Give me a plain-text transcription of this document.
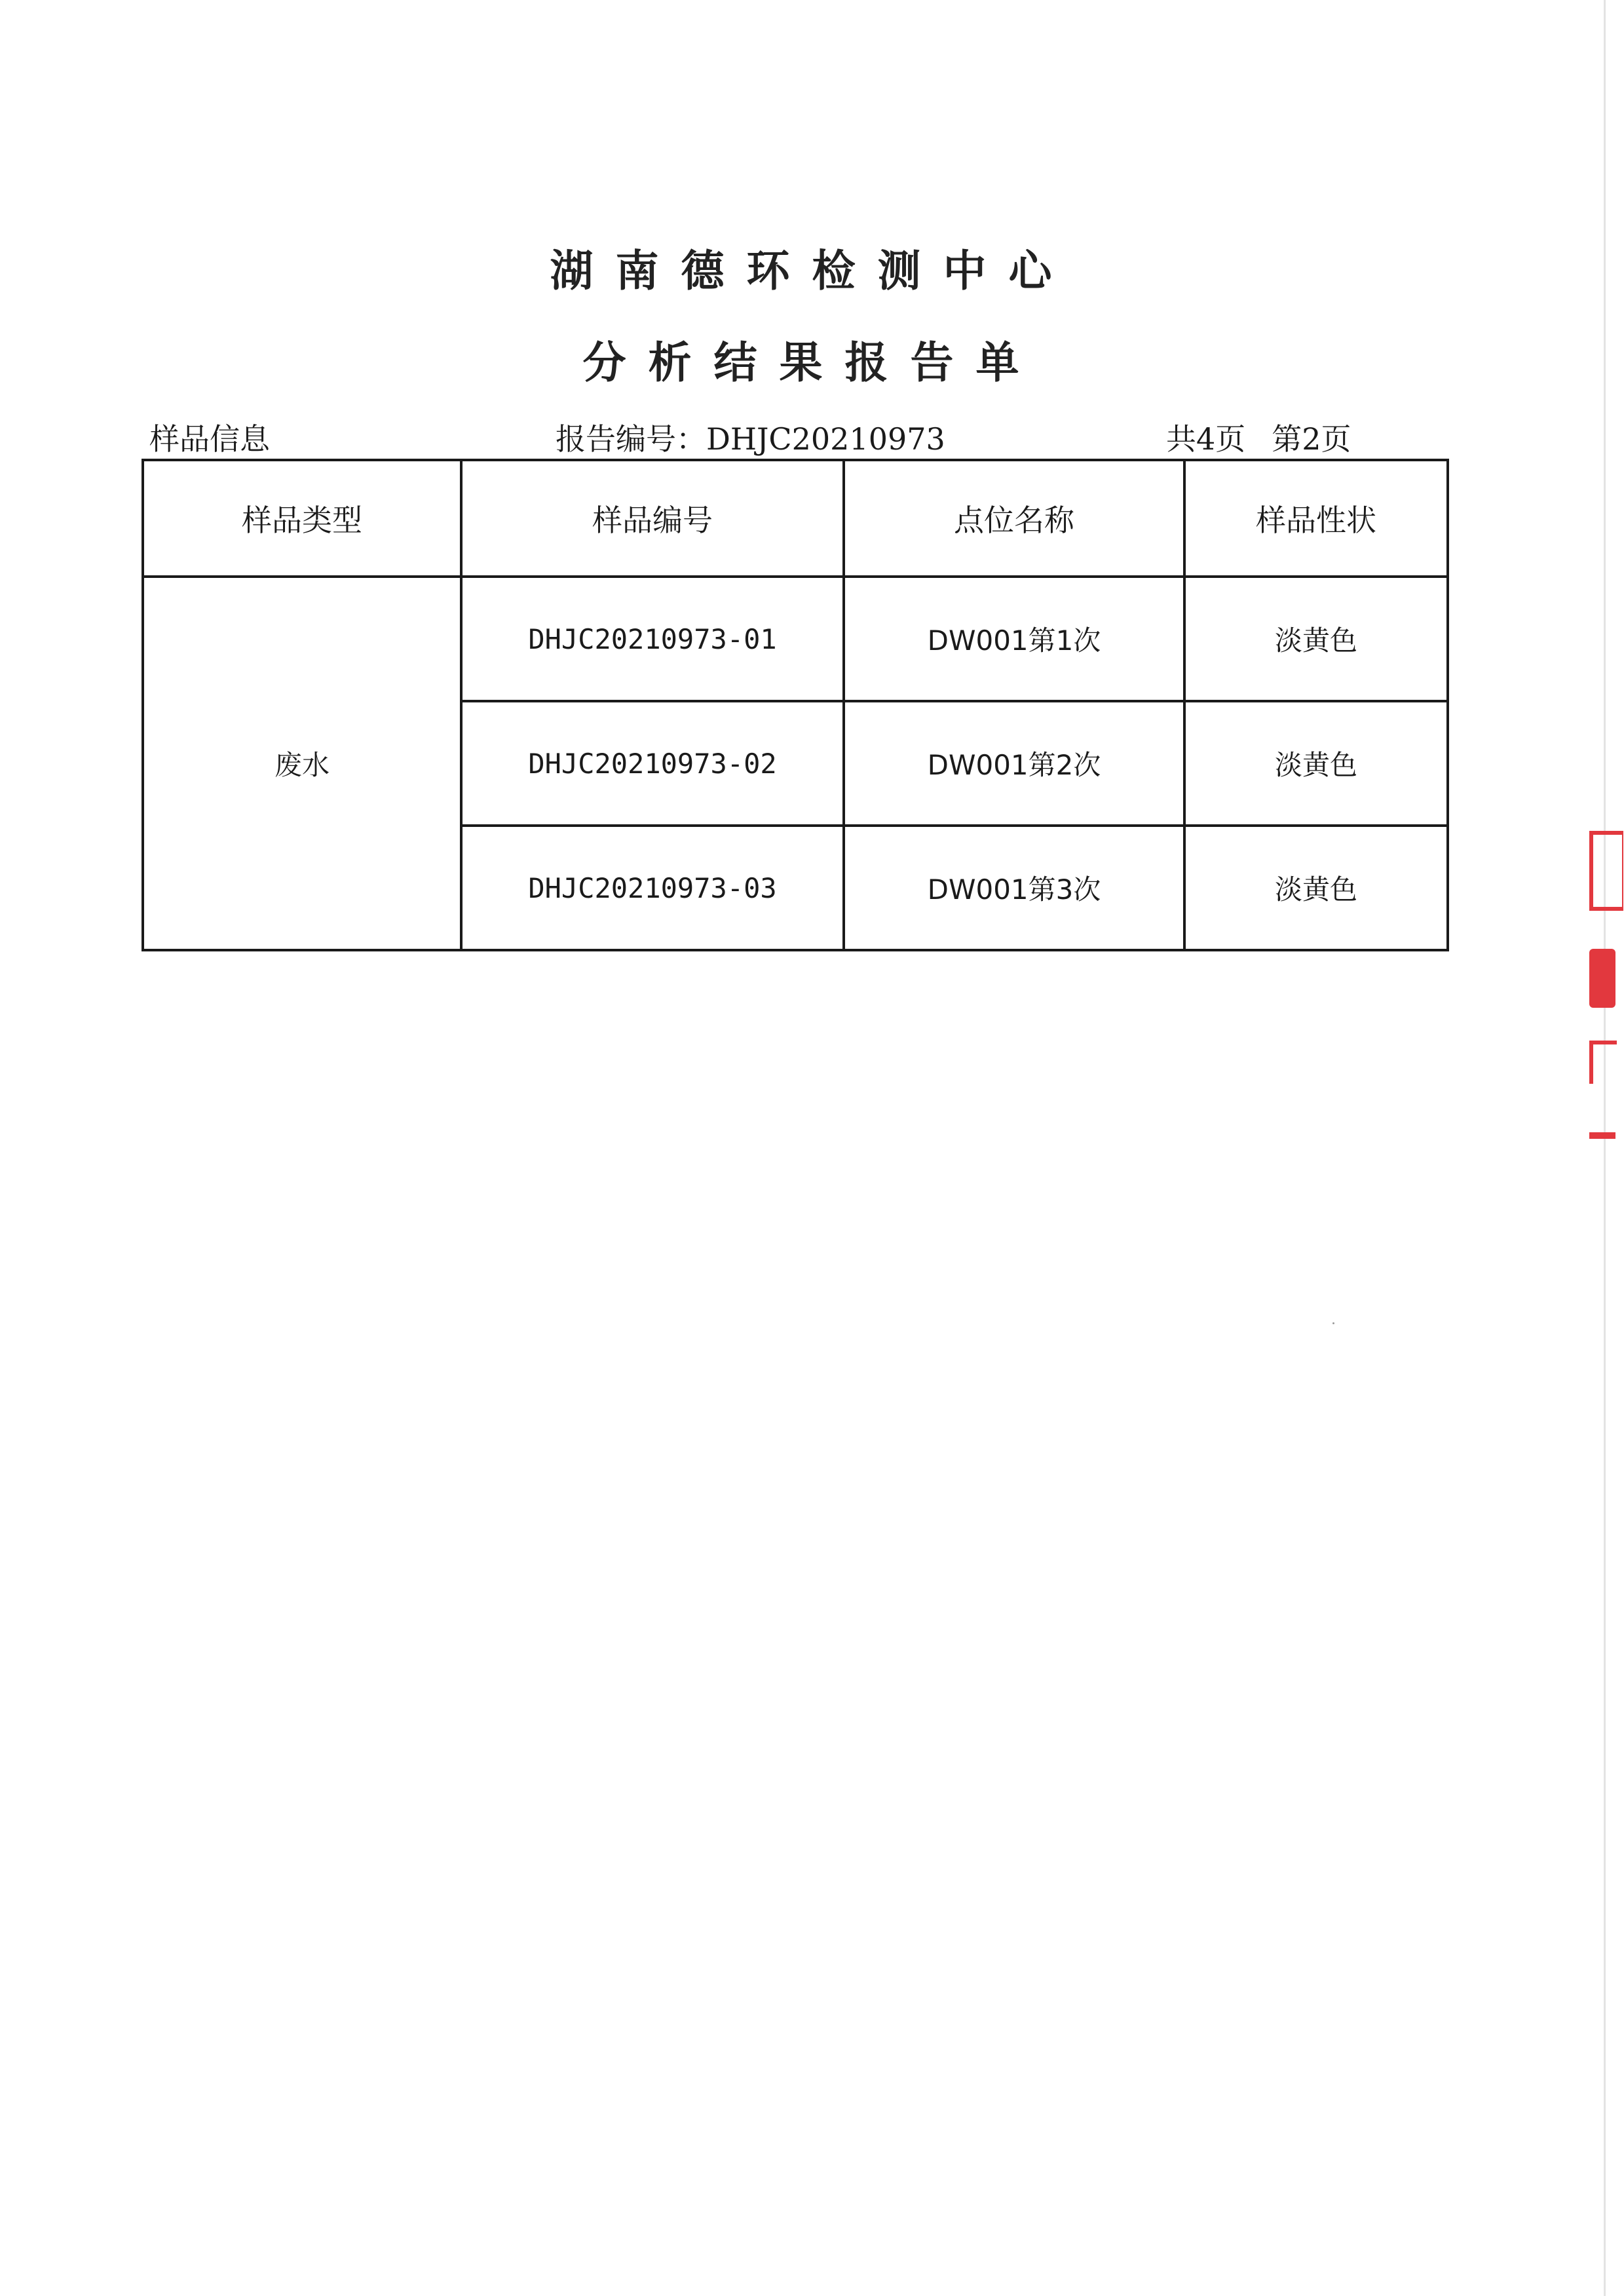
湖南德环检测中心
分析结果报告单
样品信息	报告编号：DHJC20210973	共4页 第2页
样品类型	样品编号	点位名称	样品性状
废水	DHJC20210973-01	DW001第1次	淡黄色
	DHJC20210973-02	DW001第2次	淡黄色
	DHJC20210973-03	DW001第3次	淡黄色
